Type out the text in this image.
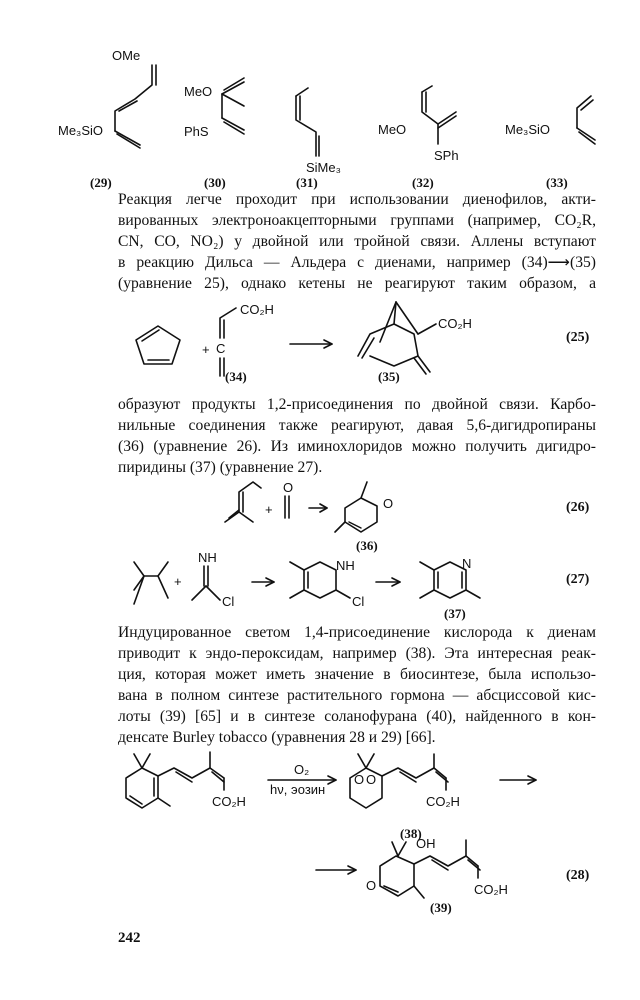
OMe
Me₃SiO
MeO
PhS
SiMe₃
MeO
SPh
Me₃SiO
(29)	(30)	(31)	(32)	(33)
Реакция легче проходит при использовании диенофилов, акти-
вированных электроноакцепторными группами (например, CO₂R,
CN, CO, NO₂) у двойной или тройной связи. Аллены вступают
в реакцию Дильса — Альдера с диенами, например (34)⟶(35)
(уравнение 25), однако кетены не реагируют таким образом, а
+
CO₂H
C
CO₂H
(25)
(34)	(35)
образуют продукты 1,2-присоединения по двойной связи. Карбо-
нильные соединения также реагируют, давая 5,6-дигидропираны
(36) (уравнение 26). Из иминохлоридов можно получить дигидро-
пиридины (37) (уравнение 27).
+
O
O	(26)
(36)
+
NH
Cl
NH
Cl
N
(27)
(37)
Индуцированное светом 1,4-присоединение кислорода к диенам
приводит к эндо-пероксидам, например (38). Эта интересная реак-
ция, которая может иметь значение в биосинтезе, была использо-
вана в полном синтезе растительного гормона — абсциссовой кис-
лоты (39) [65] и в синтезе соланофурана (40), найденного в кон-
денсате Burley tobacco (уравнения 28 и 29) [66].
CO₂H
O₂
hν, эозин
O O
CO₂H
O
OH
CO₂H
(38)
(28)
(39)
242
